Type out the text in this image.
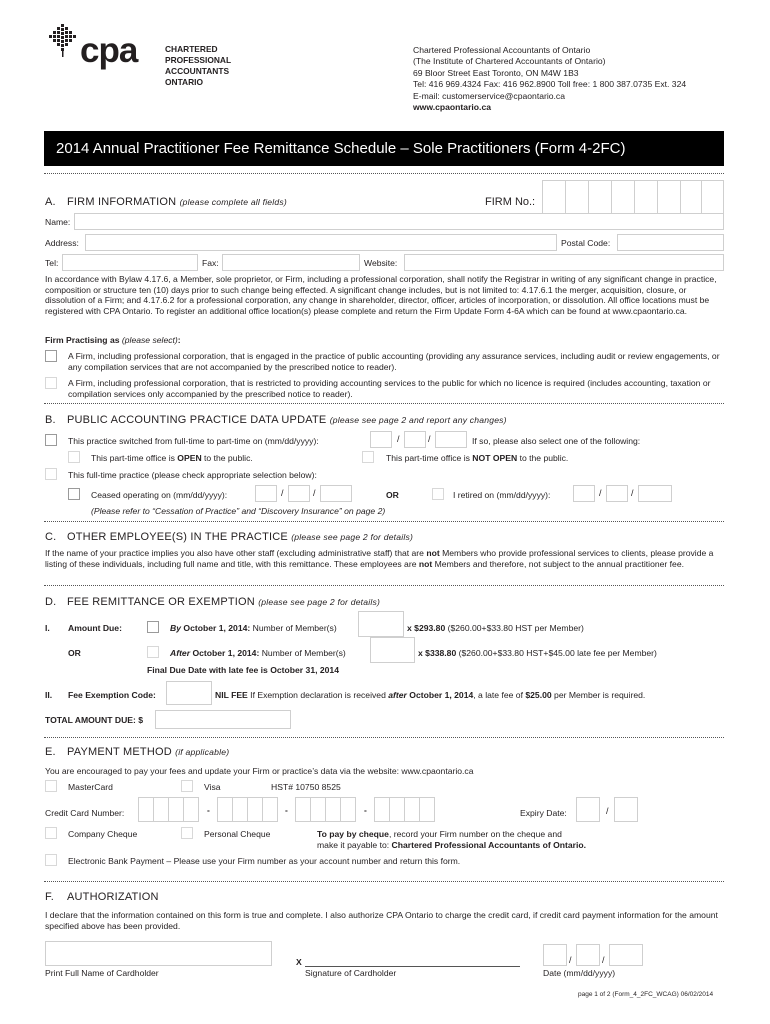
cpa	CHARTERED
PROFESSIONAL
ACCOUNTANTS
ONTARIO
Chartered Professional Accountants of Ontario
(The Institute of Chartered Accountants of Ontario)
69 Bloor Street East Toronto, ON M4W 1B3
Tel: 416 969.4324 Fax: 416 962.8900 Toll free: 1 800 387.0735 Ext. 324
E-mail: customerservice@cpaontario.ca
www.cpaontario.ca
2014 Annual Practitioner Fee Remittance Schedule – Sole Practitioners (Form 4-2FC)
A. FIRM INFORMATION (please complete all fields)	FIRM No.:
Name:
Address:	Postal Code:
Tel:	Fax:	Website:
In accordance with Bylaw 4.17.6, a Member, sole proprietor, or Firm, including a professional corporation, shall notify the Registrar in writing of any significant change in practice, composition or structure ten (10) days prior to such change being effected. A significant change includes, but is not limited to: 4.17.6.1 the merger, acquisition, closure, or dissolution of a Firm; and 4.17.6.2 for a professional corporation, any change in shareholder, director, officer, articles of incorporation, or dissolution. All office locations must be registered with CPA Ontario. To register an additional office location(s) please complete and return the Firm Update Form 4-6A which can be found at www.cpaontario.ca.
Firm Practising as (please select):
A Firm, including professional corporation, that is engaged in the practice of public accounting (providing any assurance services, including audit or review engagements, or any compilation services that are not accompanied by the prescribed notice to reader).
A Firm, including professional corporation, that is restricted to providing accounting services to the public for which no licence is required (includes accounting, taxation or compilation services only accompanied by the prescribed notice to reader).
B. PUBLIC ACCOUNTING PRACTICE DATA UPDATE (please see page 2 and report any changes)
This practice switched from full-time to part-time on (mm/dd/yyyy):	/	/	If so, please also select one of the following:
This part-time office is OPEN to the public.	This part-time office is NOT OPEN to the public.
This full-time practice (please check appropriate selection below):
Ceased operating on (mm/dd/yyyy):	/	/	OR	I retired on (mm/dd/yyyy):	/	/
(Please refer to “Cessation of Practice” and “Discovery Insurance” on page 2)
C. OTHER EMPLOYEE(S) IN THE PRACTICE (please see page 2 for details)
If the name of your practice implies you also have other staff (excluding administrative staff) that are not Members who provide professional services to clients, please provide a listing of these individuals, including full name and title, with this remittance. These employees are not Members and therefore, not subject to the annual practitioner fee.
D. FEE REMITTANCE OR EXEMPTION (please see page 2 for details)
I. Amount Due:	By October 1, 2014: Number of Member(s)	x $293.80 ($260.00+$33.80 HST per Member)
OR	After October 1, 2014: Number of Member(s)	x $338.80 ($260.00+$33.80 HST+$45.00 late fee per Member)
Final Due Date with late fee is October 31, 2014
II. Fee Exemption Code:	NIL FEE If Exemption declaration is received after October 1, 2014, a late fee of $25.00 per Member is required.
TOTAL AMOUNT DUE: $
E. PAYMENT METHOD (if applicable)
You are encouraged to pay your fees and update your Firm or practice’s data via the website: www.cpaontario.ca
MasterCard	Visa	HST# 10750 8525
Credit Card Number:	-	-	-	Expiry Date:	/
Company Cheque	Personal Cheque	To pay by cheque, record your Firm number on the cheque and
make it payable to: Chartered Professional Accountants of Ontario.
Electronic Bank Payment – Please use your Firm number as your account number and return this form.
F. AUTHORIZATION
I declare that the information contained on this form is true and complete. I also authorize CPA Ontario to charge the credit card, if credit card payment information for the amount specified above has been provided.
Print Full Name of Cardholder
X
Signature of Cardholder
/	/
Date (mm/dd/yyyy)
page 1 of 2 (Form_4_2FC_WCAG) 06/02/2014
